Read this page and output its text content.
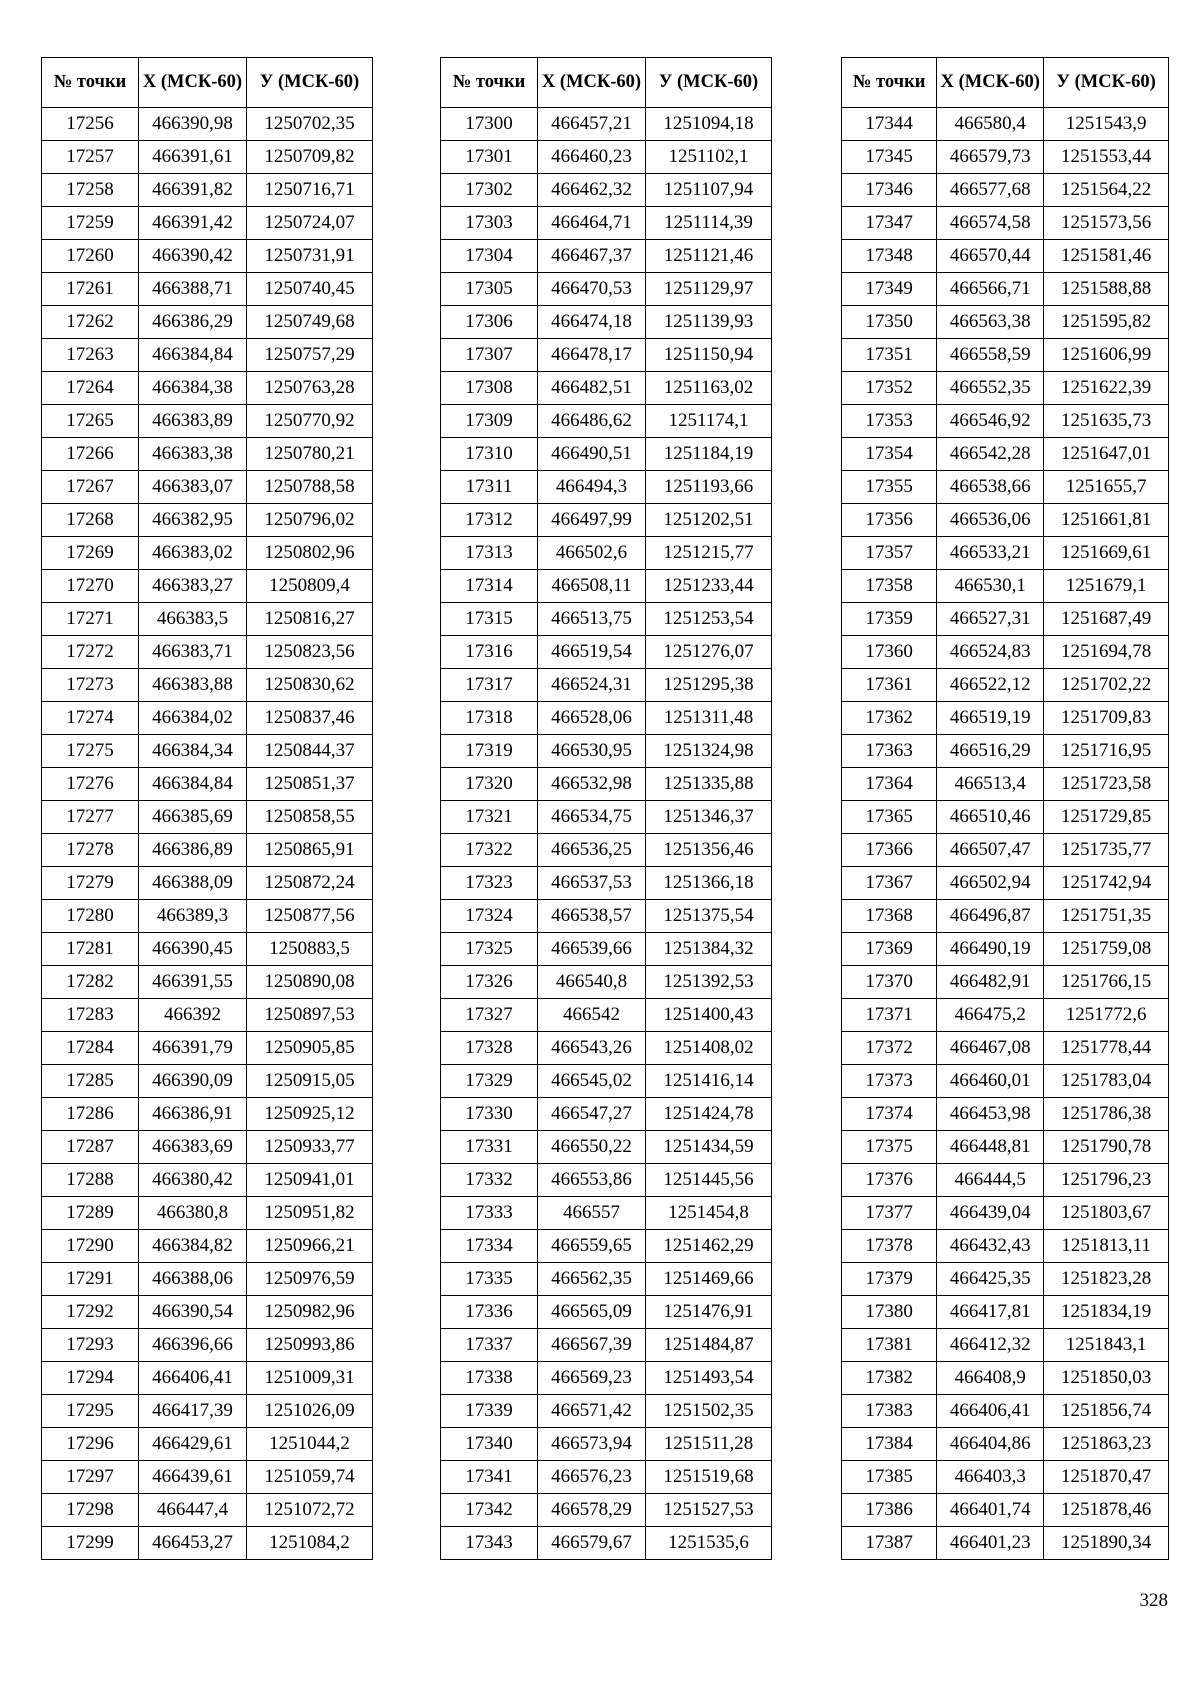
№ точки	X (МСК-60)	У (МСК-60)
17256	466390,98	1250702,35
17257	466391,61	1250709,82
17258	466391,82	1250716,71
17259	466391,42	1250724,07
17260	466390,42	1250731,91
17261	466388,71	1250740,45
17262	466386,29	1250749,68
17263	466384,84	1250757,29
17264	466384,38	1250763,28
17265	466383,89	1250770,92
17266	466383,38	1250780,21
17267	466383,07	1250788,58
17268	466382,95	1250796,02
17269	466383,02	1250802,96
17270	466383,27	1250809,4
17271	466383,5	1250816,27
17272	466383,71	1250823,56
17273	466383,88	1250830,62
17274	466384,02	1250837,46
17275	466384,34	1250844,37
17276	466384,84	1250851,37
17277	466385,69	1250858,55
17278	466386,89	1250865,91
17279	466388,09	1250872,24
17280	466389,3	1250877,56
17281	466390,45	1250883,5
17282	466391,55	1250890,08
17283	466392	1250897,53
17284	466391,79	1250905,85
17285	466390,09	1250915,05
17286	466386,91	1250925,12
17287	466383,69	1250933,77
17288	466380,42	1250941,01
17289	466380,8	1250951,82
17290	466384,82	1250966,21
17291	466388,06	1250976,59
17292	466390,54	1250982,96
17293	466396,66	1250993,86
17294	466406,41	1251009,31
17295	466417,39	1251026,09
17296	466429,61	1251044,2
17297	466439,61	1251059,74
17298	466447,4	1251072,72
17299	466453,27	1251084,2
№ точки	X (МСК-60)	У (МСК-60)
17300	466457,21	1251094,18
17301	466460,23	1251102,1
17302	466462,32	1251107,94
17303	466464,71	1251114,39
17304	466467,37	1251121,46
17305	466470,53	1251129,97
17306	466474,18	1251139,93
17307	466478,17	1251150,94
17308	466482,51	1251163,02
17309	466486,62	1251174,1
17310	466490,51	1251184,19
17311	466494,3	1251193,66
17312	466497,99	1251202,51
17313	466502,6	1251215,77
17314	466508,11	1251233,44
17315	466513,75	1251253,54
17316	466519,54	1251276,07
17317	466524,31	1251295,38
17318	466528,06	1251311,48
17319	466530,95	1251324,98
17320	466532,98	1251335,88
17321	466534,75	1251346,37
17322	466536,25	1251356,46
17323	466537,53	1251366,18
17324	466538,57	1251375,54
17325	466539,66	1251384,32
17326	466540,8	1251392,53
17327	466542	1251400,43
17328	466543,26	1251408,02
17329	466545,02	1251416,14
17330	466547,27	1251424,78
17331	466550,22	1251434,59
17332	466553,86	1251445,56
17333	466557	1251454,8
17334	466559,65	1251462,29
17335	466562,35	1251469,66
17336	466565,09	1251476,91
17337	466567,39	1251484,87
17338	466569,23	1251493,54
17339	466571,42	1251502,35
17340	466573,94	1251511,28
17341	466576,23	1251519,68
17342	466578,29	1251527,53
17343	466579,67	1251535,6
№ точки	X (МСК-60)	У (МСК-60)
17344	466580,4	1251543,9
17345	466579,73	1251553,44
17346	466577,68	1251564,22
17347	466574,58	1251573,56
17348	466570,44	1251581,46
17349	466566,71	1251588,88
17350	466563,38	1251595,82
17351	466558,59	1251606,99
17352	466552,35	1251622,39
17353	466546,92	1251635,73
17354	466542,28	1251647,01
17355	466538,66	1251655,7
17356	466536,06	1251661,81
17357	466533,21	1251669,61
17358	466530,1	1251679,1
17359	466527,31	1251687,49
17360	466524,83	1251694,78
17361	466522,12	1251702,22
17362	466519,19	1251709,83
17363	466516,29	1251716,95
17364	466513,4	1251723,58
17365	466510,46	1251729,85
17366	466507,47	1251735,77
17367	466502,94	1251742,94
17368	466496,87	1251751,35
17369	466490,19	1251759,08
17370	466482,91	1251766,15
17371	466475,2	1251772,6
17372	466467,08	1251778,44
17373	466460,01	1251783,04
17374	466453,98	1251786,38
17375	466448,81	1251790,78
17376	466444,5	1251796,23
17377	466439,04	1251803,67
17378	466432,43	1251813,11
17379	466425,35	1251823,28
17380	466417,81	1251834,19
17381	466412,32	1251843,1
17382	466408,9	1251850,03
17383	466406,41	1251856,74
17384	466404,86	1251863,23
17385	466403,3	1251870,47
17386	466401,74	1251878,46
17387	466401,23	1251890,34
328
